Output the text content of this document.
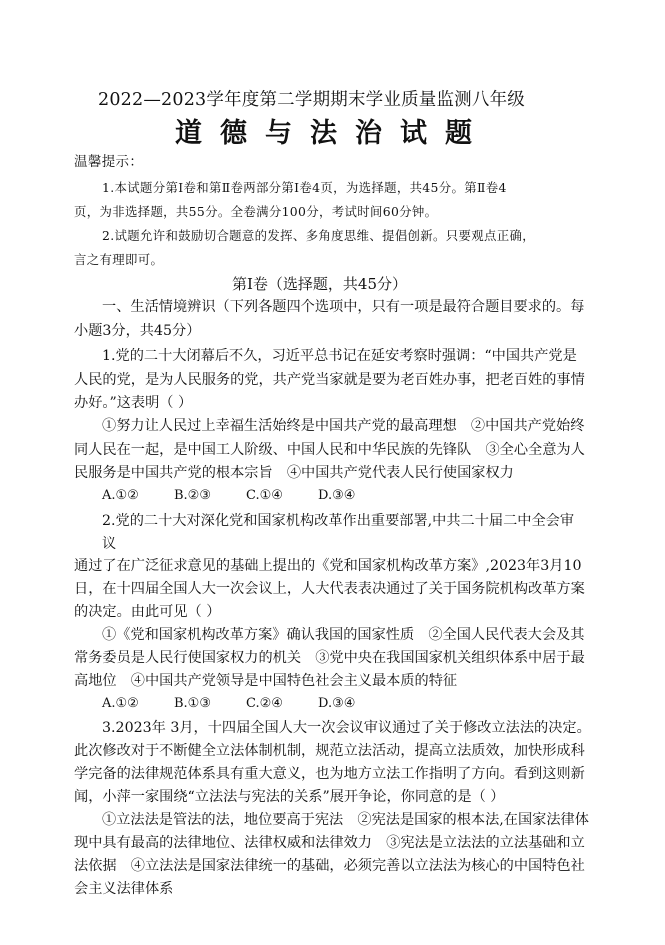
2022—2023学年度第二学期期末学业质量监测八年级
道德与法治试题
温馨提示：
1.本试题分第Ⅰ卷和第Ⅱ卷两部分第Ⅰ卷4页，为选择题，共45分。第Ⅱ卷4
页，为非选择题，共55分。全卷满分100分，考试时间60分钟。
2.试题允许和鼓励切合题意的发挥、多角度思维、提倡创新。只要观点正确，
言之有理即可。
第Ⅰ卷（选择题，共45分）
一、生活情境辨识（下列各题四个选项中，只有一项是最符合题目要求的。每
小题3分，共45分）
1.党的二十大闭幕后不久，习近平总书记在延安考察时强调：“中国共产党是
人民的党，是为人民服务的党，共产党当家就是要为老百姓办事，把老百姓的事情
办好。”这表明（ ）
①努力让人民过上幸福生活始终是中国共产党的最高理想　②中国共产党始终
同人民在一起，是中国工人阶级、中国人民和中华民族的先锋队　③全心全意为人
民服务是中国共产党的根本宗旨　④中国共产党代表人民行使国家权力
A.①②	B.②③	C.①④	D.③④
2.党的二十大对深化党和国家机构改革作出重要部署,中共二十届二中全会审
议
通过了在广泛征求意见的基础上提出的《党和国家机构改革方案》,2023年3月10
日，在十四届全国人大一次会议上，人大代表表决通过了关于国务院机构改革方案
的决定。由此可见（ ）
①《党和国家机构改革方案》确认我国的国家性质　②全国人民代表大会及其
常务委员是人民行使国家权力的机关　③党中央在我国国家机关组织体系中居于最
高地位　④中国共产党领导是中国特色社会主义最本质的特征
A.①②	B.①③	C.②④	D.③④
3.2023年 3月，十四届全国人大一次会议审议通过了关于修改立法法的决定。
此次修改对于不断健全立法体制机制，规范立法活动，提高立法质效，加快形成科
学完备的法律规范体系具有重大意义，也为地方立法工作指明了方向。看到这则新
闻，小萍一家围绕“立法法与宪法的关系”展开争论，你同意的是（ ）
①立法法是管法的法，地位要高于宪法　②宪法是国家的根本法,在国家法律体
现中具有最高的法律地位、法律权威和法律效力　③宪法是立法法的立法基础和立
法依据　④立法法是国家法律统一的基础，必须完善以立法法为核心的中国特色社
会主义法律体系
